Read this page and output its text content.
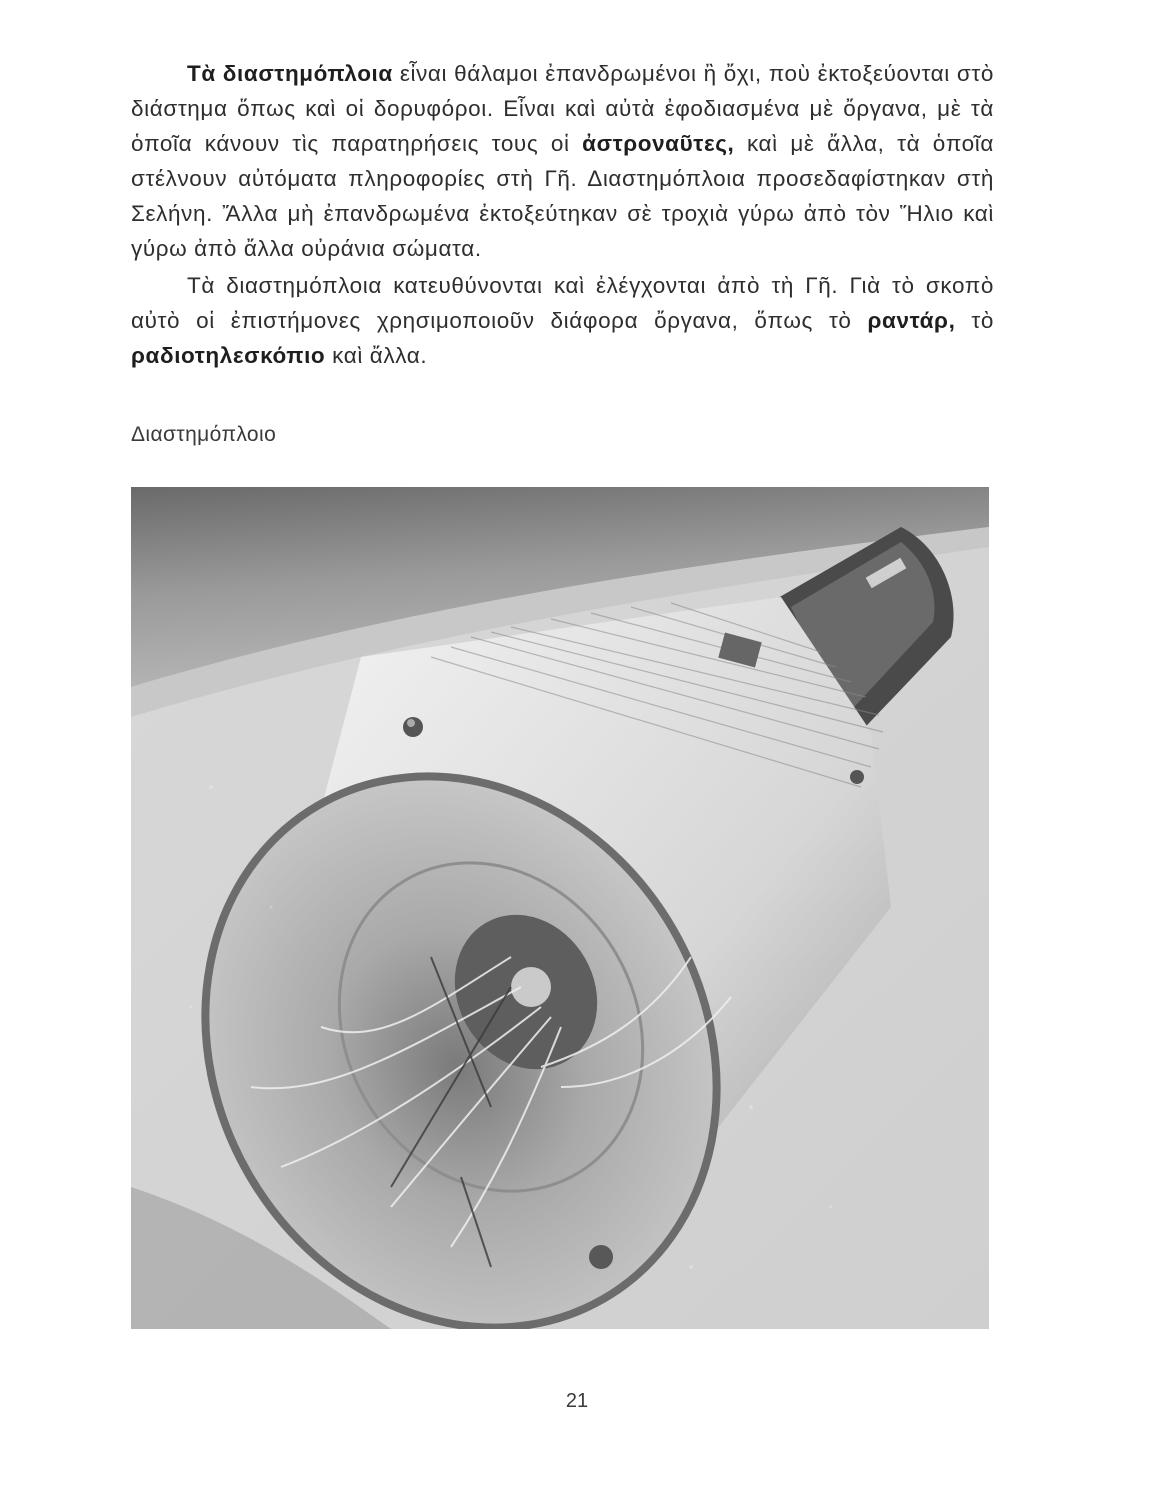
Τὰ διαστημόπλοια εἶναι θάλαμοι ἐπανδρωμένοι ἢ ὄχι, ποὺ ἐκτοξεύονται στὸ διάστημα ὅπως καὶ οἱ δορυφόροι. Εἶναι καὶ αὐτὰ ἐφοδιασμένα μὲ ὄργανα, μὲ τὰ ὁποῖα κάνουν τὶς παρατηρήσεις τους οἱ ἀστροναῦτες, καὶ μὲ ἄλλα, τὰ ὁποῖα στέλνουν αὐτόματα πληροφορίες στὴ Γῆ. Διαστημόπλοια προσεδαφίστηκαν στὴ Σελήνη. Ἄλλα μὴ ἐπανδρωμένα ἐκτοξεύτηκαν σὲ τροχιὰ γύρω ἀπὸ τὸν Ἥλιο καὶ γύρω ἀπὸ ἄλλα οὐράνια σώματα.

Τὰ διαστημόπλοια κατευθύνονται καὶ ἐλέγχονται ἀπὸ τὴ Γῆ. Γιὰ τὸ σκοπὸ αὐτὸ οἱ ἐπιστήμονες χρησιμοποιοῦν διάφορα ὄργανα, ὅπως τὸ ραντάρ, τὸ ραδιοτηλεσκόπιο καὶ ἄλλα.

Διαστημόπλοιο
21
